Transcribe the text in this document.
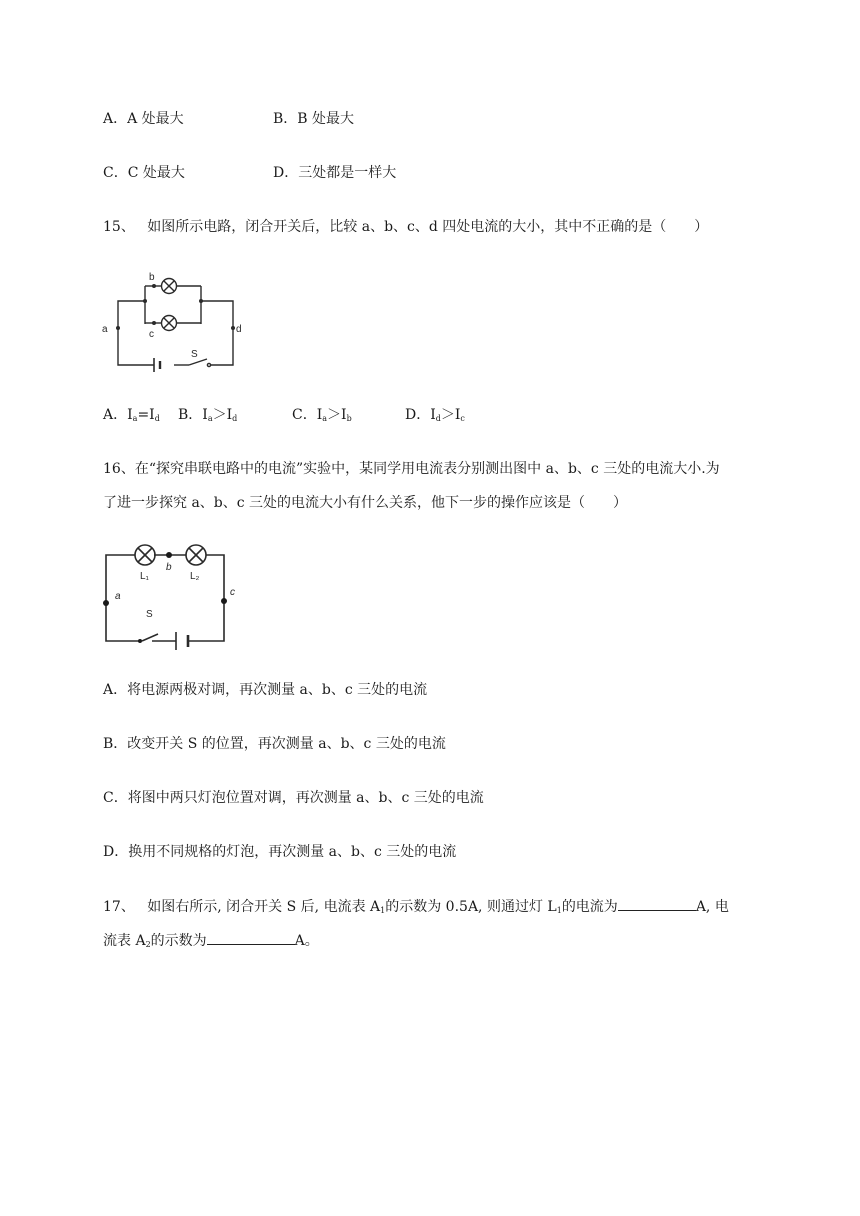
A．A 处最大	B．B 处最大
C．C 处最大	D．三处都是一样大
15、 如图所示电路，闭合开关后，比较 a、b、c、d 四处电流的大小，其中不正确的是（　　）
b
c
a	d
S
A．$I_a=I_d$ B．$I_a>I_d$	C．$I_a>I_b$	D．$I_d>I_c$
16、在“探究串联电路中的电流”实验中，某同学用电流表分别测出图中 a、b、c 三处的电流大小.为
了进一步探究 a、b、c 三处的电流大小有什么关系，他下一步的操作应该是（　　）
L₁	L₂
b
a	c
S
A．将电源两极对调，再次测量 a、b、c 三处的电流
B．改变开关 S 的位置，再次测量 a、b、c 三处的电流
C．将图中两只灯泡位置对调，再次测量 a、b、c 三处的电流
D．换用不同规格的灯泡，再次测量 a、b、c 三处的电流
17、 如图右所示, 闭合开关 S 后, 电流表 $A_1$的示数为 0.5A, 则通过灯 $L_1$的电流为	A, 电
流表 $A_2$的示数为	A。
